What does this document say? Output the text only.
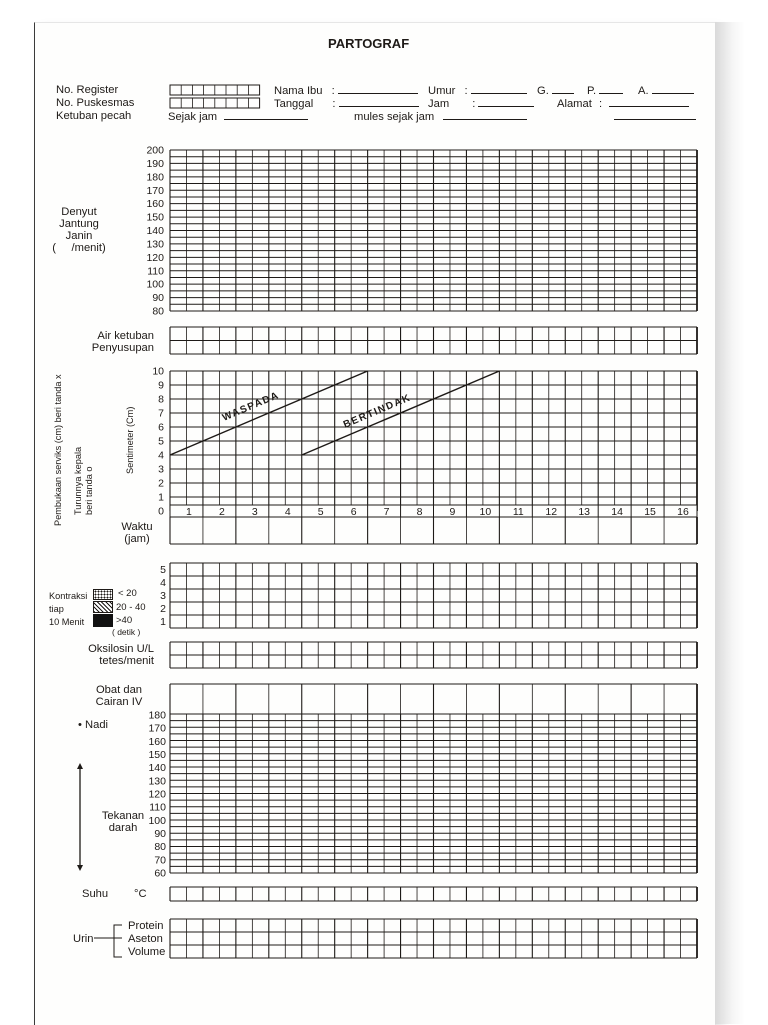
200
190
180
170
160
150
140
130
120
110
100
90
80
10
9
8
7
6
5
4
3
2
1
0 1	2	3	4	5	6	7	8	9 10 11 12 13 14 15 16
WASPADA	BERTINDAK
5
4
3
2
1
180
170
160
150
140
130
120
110
100
90
80
70
60
PARTOGRAF
No. Register
No. Puskesmas
Ketuban pecah	Sejak jam
Nama Ibu :
Tanggal :
mules sejak jam
Umur :
Jam :
G.	P.	A.
Alamat :
Denyut
Jantung
Janin
(     /menit)
Air ketuban
Penyusupan
Pembukaan serviks (cm) beri tanda x Turunnya kepala beri tanda o
Sentimeter (Cm)
Waktu
(jam)
Kontraksi
tiap
10 Menit
< 20
20 - 40
>40
( detik )
Oksilosin U/L
tetes/menit
Obat dan
Cairan IV
• Nadi
Tekanan
darah
Suhu °C
Urin
Protein
Aseton
Volume
